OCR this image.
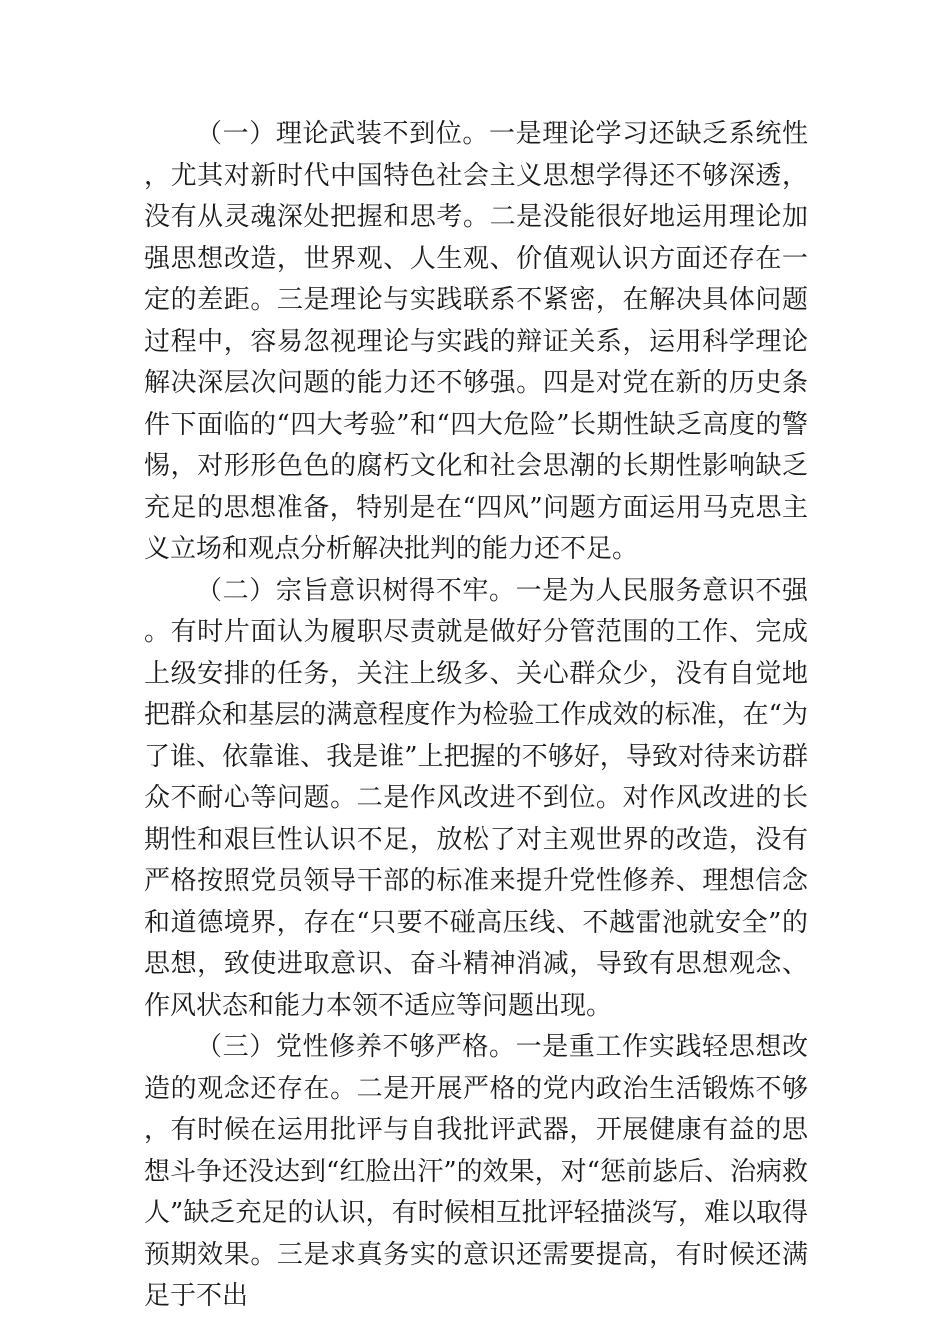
（一）理论武装不到位。一是理论学习还缺乏系统性，尤其对新时代中国特色社会主义思想学得还不够深透，没有从灵魂深处把握和思考。二是没能很好地运用理论加强思想改造，世界观、人生观、价值观认识方面还存在一定的差距。三是理论与实践联系不紧密，在解决具体问题过程中，容易忽视理论与实践的辩证关系，运用科学理论解决深层次问题的能力还不够强。四是对党在新的历史条件下面临的“四大考验”和“四大危险”长期性缺乏高度的警惕，对形形色色的腐朽文化和社会思潮的长期性影响缺乏充足的思想准备，特别是在“四风”问题方面运用马克思主义立场和观点分析解决批判的能力还不足。

（二）宗旨意识树得不牢。一是为人民服务意识不强。有时片面认为履职尽责就是做好分管范围的工作、完成上级安排的任务，关注上级多、关心群众少，没有自觉地把群众和基层的满意程度作为检验工作成效的标准，在“为了谁、依靠谁、我是谁”上把握的不够好，导致对待来访群众不耐心等问题。二是作风改进不到位。对作风改进的长期性和艰巨性认识不足，放松了对主观世界的改造，没有严格按照党员领导干部的标准来提升党性修养、理想信念和道德境界，存在“只要不碰高压线、不越雷池就安全”的思想，致使进取意识、奋斗精神消减，导致有思想观念、作风状态和能力本领不适应等问题出现。

（三）党性修养不够严格。一是重工作实践轻思想改造的观念还存在。二是开展严格的党内政治生活锻炼不够，有时候在运用批评与自我批评武器，开展健康有益的思想斗争还没达到“红脸出汗”的效果，对“惩前毖后、治病救人”缺乏充足的认识，有时候相互批评轻描淡写，难以取得预期效果。三是求真务实的意识还需要提高，有时候还满足于不出
